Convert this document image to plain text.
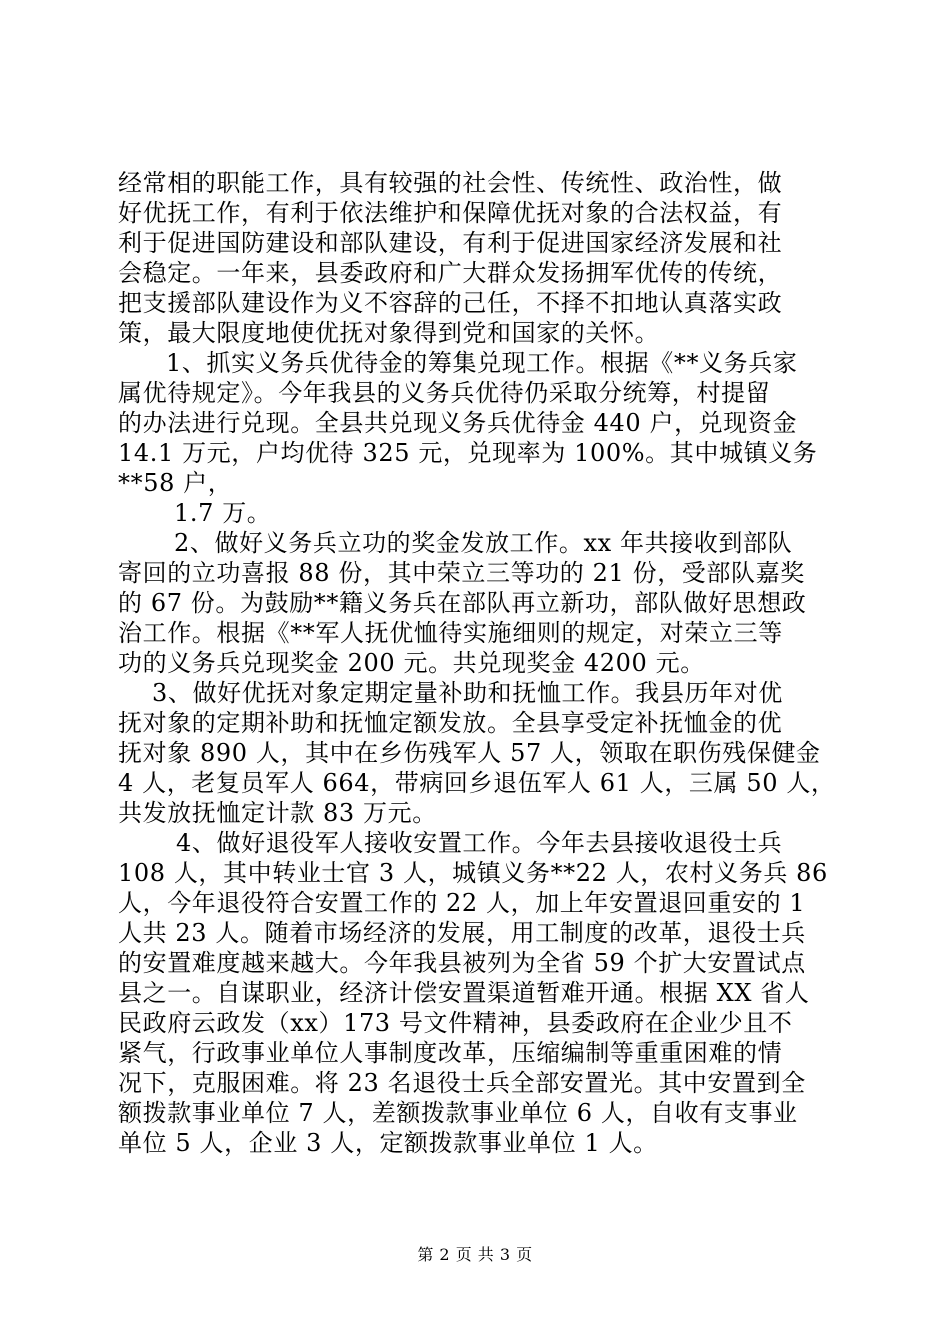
经常相的职能工作，具有较强的社会性、传统性、政治性，做
好优抚工作，有利于依法维护和保障优抚对象的合法权益，有
利于促进国防建设和部队建设，有利于促进国家经济发展和社
会稳定。一年来，县委政府和广大群众发扬拥军优传的传统，
把支援部队建设作为义不容辞的己任，不择不扣地认真落实政
策，最大限度地使优抚对象得到党和国家的关怀。
1、抓实义务兵优待金的筹集兑现工作。根据《**义务兵家
属优待规定》。今年我县的义务兵优待仍采取分统筹，村提留
的办法进行兑现。全县共兑现义务兵优待金 440 户，兑现资金
14.1 万元，户均优待 325 元，兑现率为 100%。其中城镇义务
**58 户，
1.7 万。
2、做好义务兵立功的奖金发放工作。xx 年共接收到部队
寄回的立功喜报 88 份，其中荣立三等功的 21 份，受部队嘉奖
的 67 份。为鼓励**籍义务兵在部队再立新功，部队做好思想政
治工作。根据《**军人抚优恤待实施细则的规定，对荣立三等
功的义务兵兑现奖金 200 元。共兑现奖金 4200 元。
3、做好优抚对象定期定量补助和抚恤工作。我县历年对优
抚对象的定期补助和抚恤定额发放。全县享受定补抚恤金的优
抚对象 890 人，其中在乡伤残军人 57 人，领取在职伤残保健金
4 人，老复员军人 664，带病回乡退伍军人 61 人，三属 50 人，
共发放抚恤定计款 83 万元。
4、做好退役军人接收安置工作。今年去县接收退役士兵
108 人，其中转业士官 3 人，城镇义务**22 人，农村义务兵 86
人，今年退役符合安置工作的 22 人，加上年安置退回重安的 1
人共 23 人。随着市场经济的发展，用工制度的改革，退役士兵
的安置难度越来越大。今年我县被列为全省 59 个扩大安置试点
县之一。自谋职业，经济计偿安置渠道暂难开通。根据 XX 省人
民政府云政发（xx）173 号文件精神，县委政府在企业少且不
紧气，行政事业单位人事制度改革，压缩编制等重重困难的情
况下，克服困难。将 23 名退役士兵全部安置光。其中安置到全
额拨款事业单位 7 人，差额拨款事业单位 6 人，自收有支事业
单位 5 人，企业 3 人，定额拨款事业单位 1 人。
第 2 页 共 3 页
